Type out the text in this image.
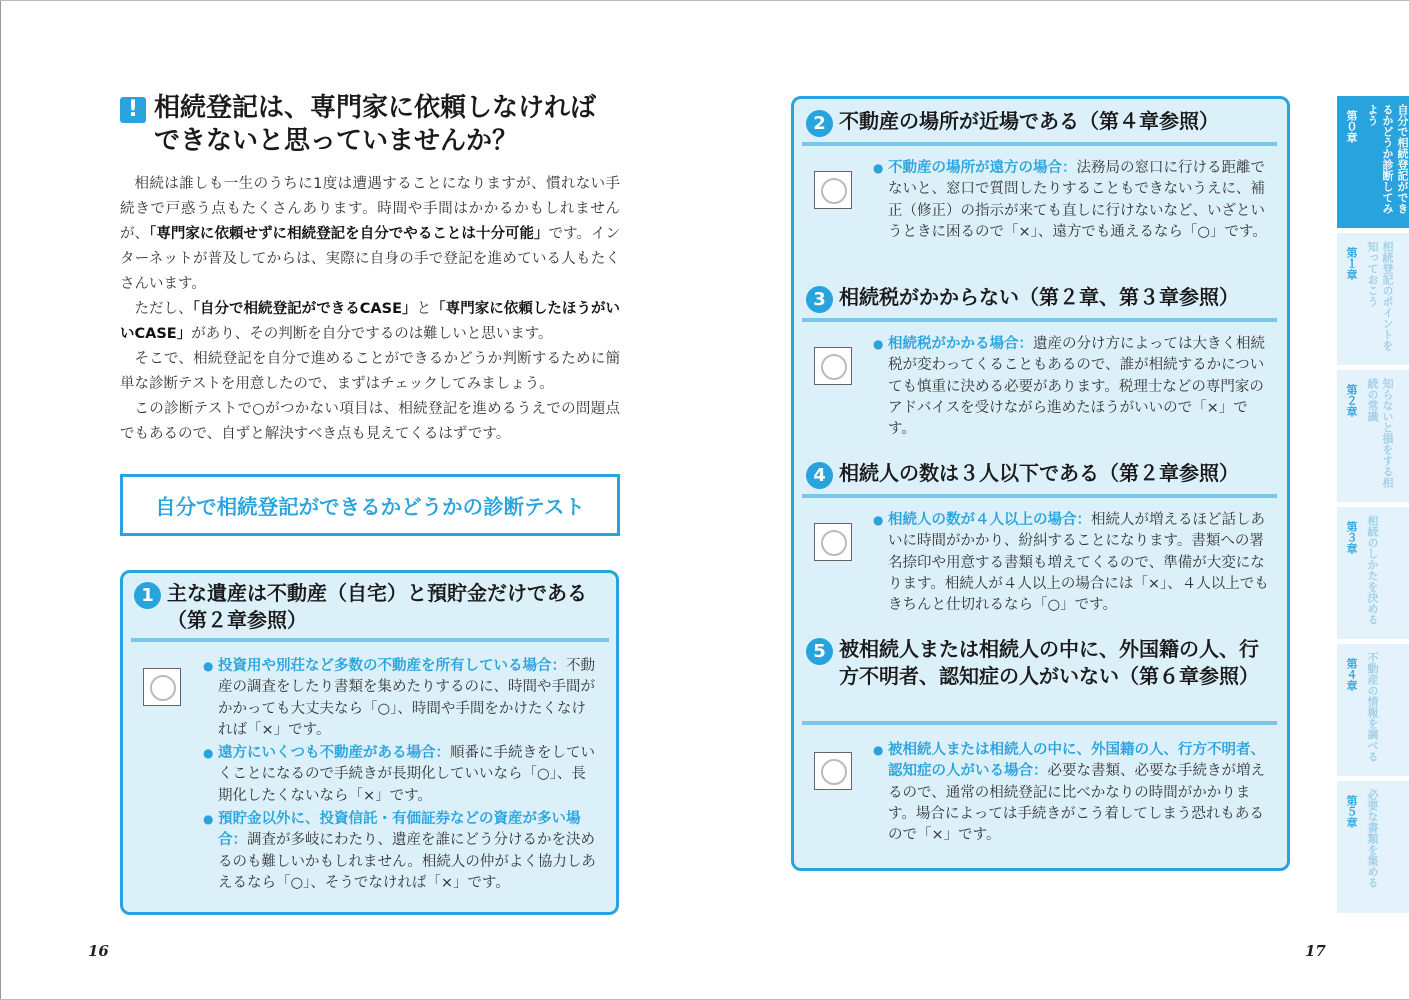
! 相続登記は、専門家に依頼しなければ
できないと思っていませんか？

相続は誰しも一生のうちに1度は遭遇することになりますが、慣れない手続きで戸惑う点もたくさんあります。時間や手間はかかるかもしれませんが、「専門家に依頼せずに相続登記を自分でやることは十分可能」です。インターネットが普及してからは、実際に自身の手で登記を進めている人もたくさんいます。

ただし、「自分で相続登記ができるCASE」と「専門家に依頼したほうがいいCASE」があり、その判断を自分でするのは難しいと思います。

そこで、相続登記を自分で進めることができるかどうか判断するために簡単な診断テストを用意したので、まずはチェックしてみましょう。

この診断テストで○がつかない項目は、相続登記を進めるうえでの問題点でもあるので、自ずと解決すべき点も見えてくるはずです。

自分で相続登記ができるかどうかの診断テスト
1 主な遺産は不動産（自宅）と預貯金だけである（第２章参照）
● 投資用や別荘など多数の不動産を所有している場合：不動産の調査をしたり書類を集めたりするのに、時間や手間がかかっても大丈夫なら「○」、時間や手間をかけたくなければ「×」です。
● 遠方にいくつも不動産がある場合：順番に手続きをしていくことになるので手続きが長期化していいなら「○」、長期化したくないなら「×」です。
● 預貯金以外に、投資信託・有価証券などの資産が多い場合：調査が多岐にわたり、遺産を誰にどう分けるかを決めるのも難しいかもしれません。相続人の仲がよく協力しあえるなら「○」、そうでなければ「×」です。
16
2 不動産の場所が近場である（第４章参照）
● 不動産の場所が遠方の場合：法務局の窓口に行ける距離でないと、窓口で質問したりすることもできないうえに、補正（修正）の指示が来ても直しに行けないなど、いざというときに困るので「×」、遠方でも通えるなら「○」です。
3 相続税がかからない（第２章、第３章参照）
● 相続税がかかる場合：遺産の分け方によっては大きく相続税が変わってくることもあるので、誰が相続するかについても慎重に決める必要があります。税理士などの専門家のアドバイスを受けながら進めたほうがいいので「×」です。
4 相続人の数は３人以下である（第２章参照）
● 相続人の数が４人以上の場合：相続人が増えるほど話しあいに時間がかかり、紛糾することになります。書類への署名捺印や用意する書類も増えてくるので、準備が大変になります。相続人が４人以上の場合には「×」、４人以上でもきちんと仕切れるなら「○」です。
5 被相続人または相続人の中に、外国籍の人、行方不明者、認知症の人がいない（第６章参照）
● 被相続人または相続人の中に、外国籍の人、行方不明者、認知症の人がいる場合：必要な書類、必要な手続きが増えるので、通常の相続登記に比べかなりの時間がかかります。場合によっては手続きがこう着してしまう恐れもあるので「×」です。
17
第０章	自分で相続登記ができるかどうか診断してみよう
第１章	相続登記のポイントを知っておこう
第２章	知らないと損をする相続の常識
第３章 相続のしかたを決める
第４章 不動産の情報を調べる
第５章 必要な書類を集める
